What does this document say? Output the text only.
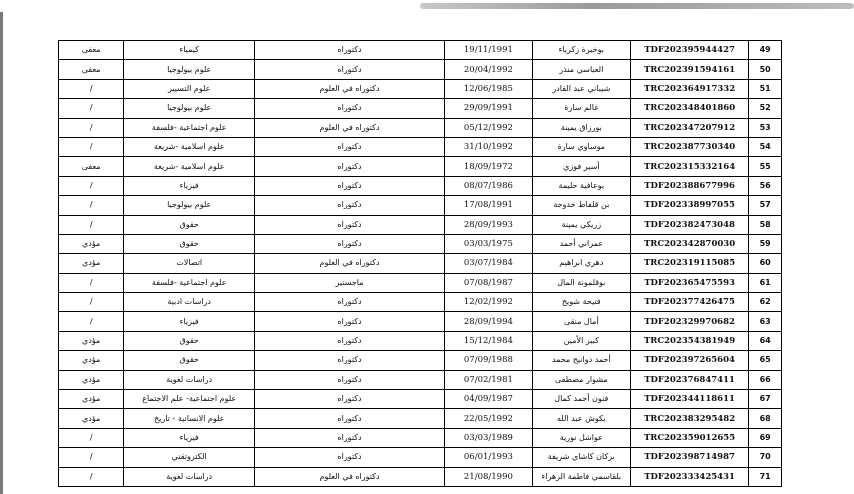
معفى	كيمياء	دكتوراه	19/11/1991	بوخيرة زكرياء	TDF202395944427	49
معفى	علوم بيولوجيا	دكتوراه	20/04/1992	العباسي منذر	TRC202391594161	50
/	علوم التسيير	دكتوراه في العلوم	12/06/1985	شيباني عبد القادر	TRC202364917332	51
/	علوم بيولوجيا	دكتوراه	29/09/1991	غالم سارة	TRC202348401860	52
/	علوم اجتماعية -فلسفة	دكتوراه في العلوم	05/12/1992	بورزاق يمينة	TRC202347207912	53
/	علوم اسلامية -شريعة	دكتوراه	31/10/1992	موساوي سارة	TRC202387730340	54
معفى	علوم اسلامية -شريعة	دكتوراه	18/09/1972	أسير فوزي	TRC202315332164	55
/	فيزياء	دكتوراه	08/07/1986	بوعافية حليمة	TDF202388677996	56
/	علوم بيولوجيا	دكتوراه	17/08/1991	بن قلفاط خدوجة	TDF202338997055	57
/	حقوق	دكتوراه	28/09/1993	زريكي يمينة	TDF202382473048	58
مؤدي	حقوق	دكتوراه	03/03/1975	عمراني أحمد	TRC202342870030	59
مؤدي	اتصالات	دكتوراه في العلوم	03/07/1984	دهري ابراهيم	TRC202319115085	60
/	علوم اجتماعية -فلسفة	ماجستير	07/08/1987	بوقلمونة المال	TDF202365475593	61
/	دراسات ادبية	دكتوراه	12/02/1992	فتيحة شويخ	TDF202377426475	62
/	فيزياء	دكتوراه	28/09/1994	أمال منقى	TDF202329970682	63
مؤدي	حقوق	دكتوراه	15/12/1984	كبير الأمين	TRC202354381949	64
مؤدي	حقوق	دكتوراه	07/09/1988	أحمد دوانيج محمد	TDF202397265604	65
مؤدي	دراسات لغوية	دكتوراه	07/02/1981	مشوار مصطفى	TDF202376847411	66
مؤدي	علوم اجتماعية- علم الاجتماع	دكتوراه	04/09/1987	فنون أحمد كمال	TDF202344118611	67
مؤدي	علوم الانسانية - تاريخ	دكتوراه	22/05/1992	بكوش عبد الله	TRC202383295482	68
/	فيزياء	دكتوراه	03/03/1989	عواشل نورية	TRC202359012655	69
/	الكتروتقني	دكتوراه	06/01/1993	بركان كاشاي شريفة	TDF202398714987	70
/	دراسات لغوية	دكتوراه في العلوم	21/08/1990	بلقاسمي فاطمة الزهراء	TDF202333425431	71
